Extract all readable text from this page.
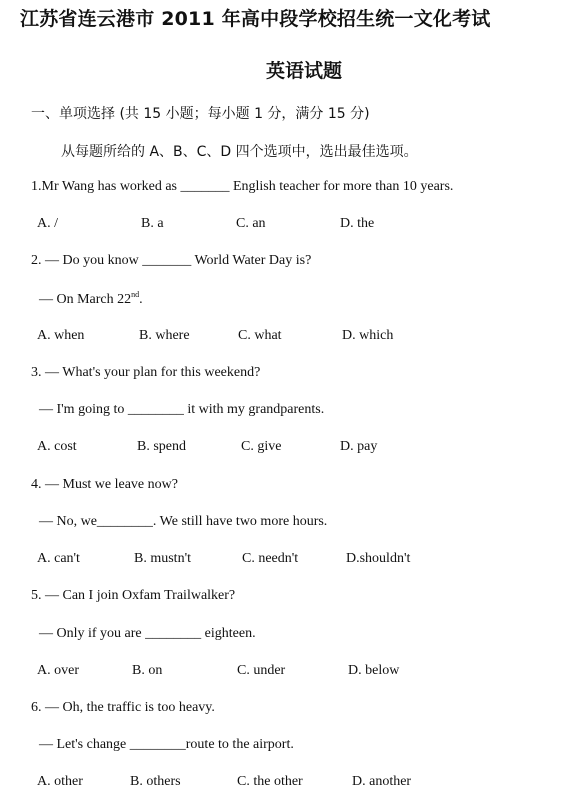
江苏省连云港市 2011 年高中段学校招生统一文化考试
英语试题
一、单项选择 (共 15 小题；每小题 1 分，满分 15 分)
从每题所给的 A、B、C、D 四个选项中，选出最佳选项。
1.Mr Wang has worked as _______ English teacher for more than 10 years.
A. /	B. a	C. an	D. the
2. — Do you know _______ World Water Day is?
— On March 22nd.
A. when	B. where	C. what	D. which
3. — What's your plan for this weekend?
— I'm going to ________ it with my grandparents.
A. cost	B. spend	C. give	D. pay
4. — Must we leave now?
— No, we________. We still have two more hours.
A. can't	B. mustn't	C. needn't	D.shouldn't
5. — Can I join Oxfam Trailwalker?
— Only if you are ________ eighteen.
A. over	B. on	C. under	D. below
6. — Oh, the traffic is too heavy.
— Let's change ________route to the airport.
A. other	B. others	C. the other	D. another
